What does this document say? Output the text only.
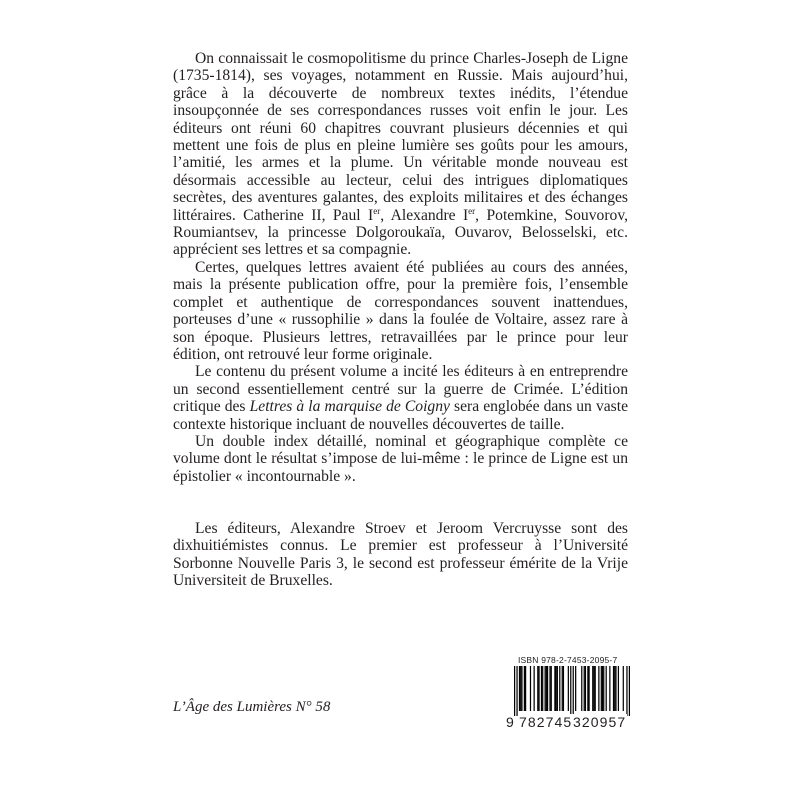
On connaissait le cosmopolitisme du prince Charles-Joseph de Ligne (1735-1814), ses voyages, notamment en Russie. Mais aujourd’hui, grâce à la découverte de nombreux textes inédits, l’étendue insoupçonnée de ses correspondances russes voit enfin le jour. Les éditeurs ont réuni 60 chapitres couvrant plusieurs décennies et qui mettent une fois de plus en pleine lumière ses goûts pour les amours, l’amitié, les armes et la plume. Un véritable monde nouveau est désormais accessible au lecteur, celui des intrigues diplomatiques secrètes, des aventures galantes, des exploits militaires et des échanges littéraires. Catherine II, Paul Ier, Alexandre Ier, Potemkine, Souvorov, Roumiantsev, la princesse Dolgoroukaïa, Ouvarov, Belosselski, etc. apprécient ses lettres et sa compagnie.

Certes, quelques lettres avaient été publiées au cours des années, mais la présente publication offre, pour la première fois, l’ensemble complet et authentique de correspondances souvent inattendues, porteuses d’une « russophilie » dans la foulée de Voltaire, assez rare à son époque. Plusieurs lettres, retravaillées par le prince pour leur édition, ont retrouvé leur forme originale.

Le contenu du présent volume a incité les éditeurs à en entreprendre un second essentiellement centré sur la guerre de Crimée. L’édition critique des Lettres à la marquise de Coigny sera englobée dans un vaste contexte historique incluant de nouvelles découvertes de taille.

Un double index détaillé, nominal et géographique complète ce volume dont le résultat s’impose de lui-même : le prince de Ligne est un épistolier « incontournable ».

Les éditeurs, Alexandre Stroev et Jeroom Vercruysse sont des dixhuitiémistes connus. Le premier est professeur à l’Université Sorbonne Nouvelle Paris 3, le second est professeur émérite de la Vrije Universiteit de Bruxelles.

L’Âge des Lumières N° 58
ISBN 978-2-7453-2095-7
9 782745 320957
